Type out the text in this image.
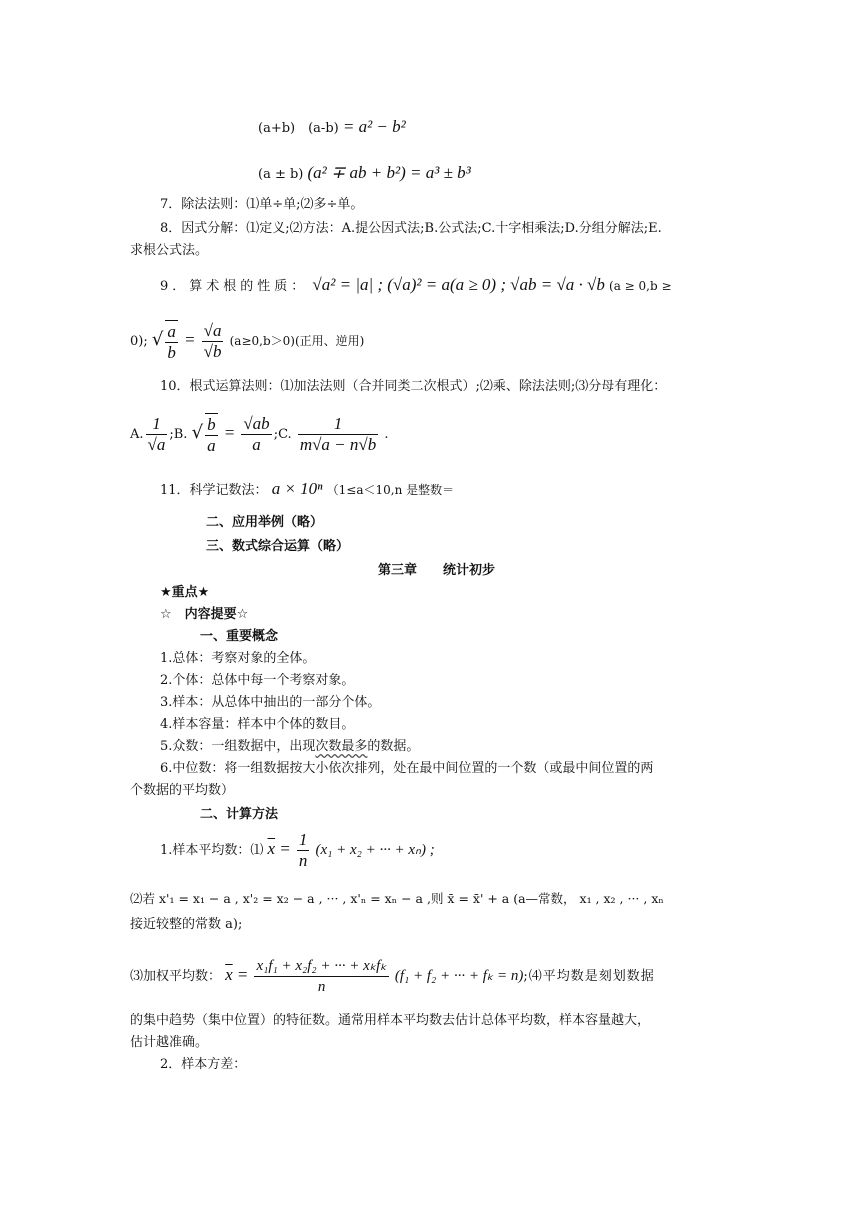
(a+b)　(a-b) = a² − b²
(a ± b) (a² ∓ ab + b²) = a³ ± b³
7．除法法则：⑴单÷单;⑵多÷单。
8．因式分解：⑴定义;⑵方法：A.提公因式法;B.公式法;C.十字相乘法;D.分组分解法;E.
求根公式法。
9．算术根的性质： √a² = |a| ; (√a)² = a(a ≥ 0) ; √ab = √a · √b (a ≥ 0,b ≥
0); √ $\frac{a}{b} = \frac{√a}{√b} (a\ge 0,b>0)$(正用、逆用)
10．根式运算法则：⑴加法法则（合并同类二次根式）;⑵乘、除法法则;⑶分母有理化：
A. $\frac{1}{√a}$ ;B. √ $\frac{b}{a} = \frac{√ab}{a}$ ;C. $\frac{1}{m√a - n√b}$ .
11．科学记数法： a × 10ⁿ （1≤a＜10,n 是整数＝
二、应用举例（略）
三、数式综合运算（略）
第三章　　统计初步
★重点★
☆　内容提要☆
一、重要概念
1.总体：考察对象的全体。
2.个体：总体中每一个考察对象。
3.样本：从总体中抽出的一部分个体。
4.样本容量：样本中个体的数目。
5.众数：一组数据中，出现次数最多的数据。
6.中位数：将一组数据按大小依次排列，处在最中间位置的一个数（或最中间位置的两
个数据的平均数）
二、计算方法
1.样本平均数：⑴ $\overline{x} = \frac{1}{n} (x_1 + x_2$ + ··· + xₙ) ;
⑵若 x'₁ = x₁ − a , x'₂ = x₂ − a , ··· , x'ₙ = xₙ − a ,则 x̄ = x̄' + a (a—常数， x₁ , x₂ , ··· , xₙ
接近较整的常数 a);
⑶加权平均数： $\overline{x} = \frac{\text{x₁f₁ + x₂f₂ + ··· + xₖfₖ}}{n} (f_1 + f_2$ + ··· + fₖ = n);⑷平均数是刻划数据
的集中趋势（集中位置）的特征数。通常用样本平均数去估计总体平均数，样本容量越大，
估计越准确。
2．样本方差：
